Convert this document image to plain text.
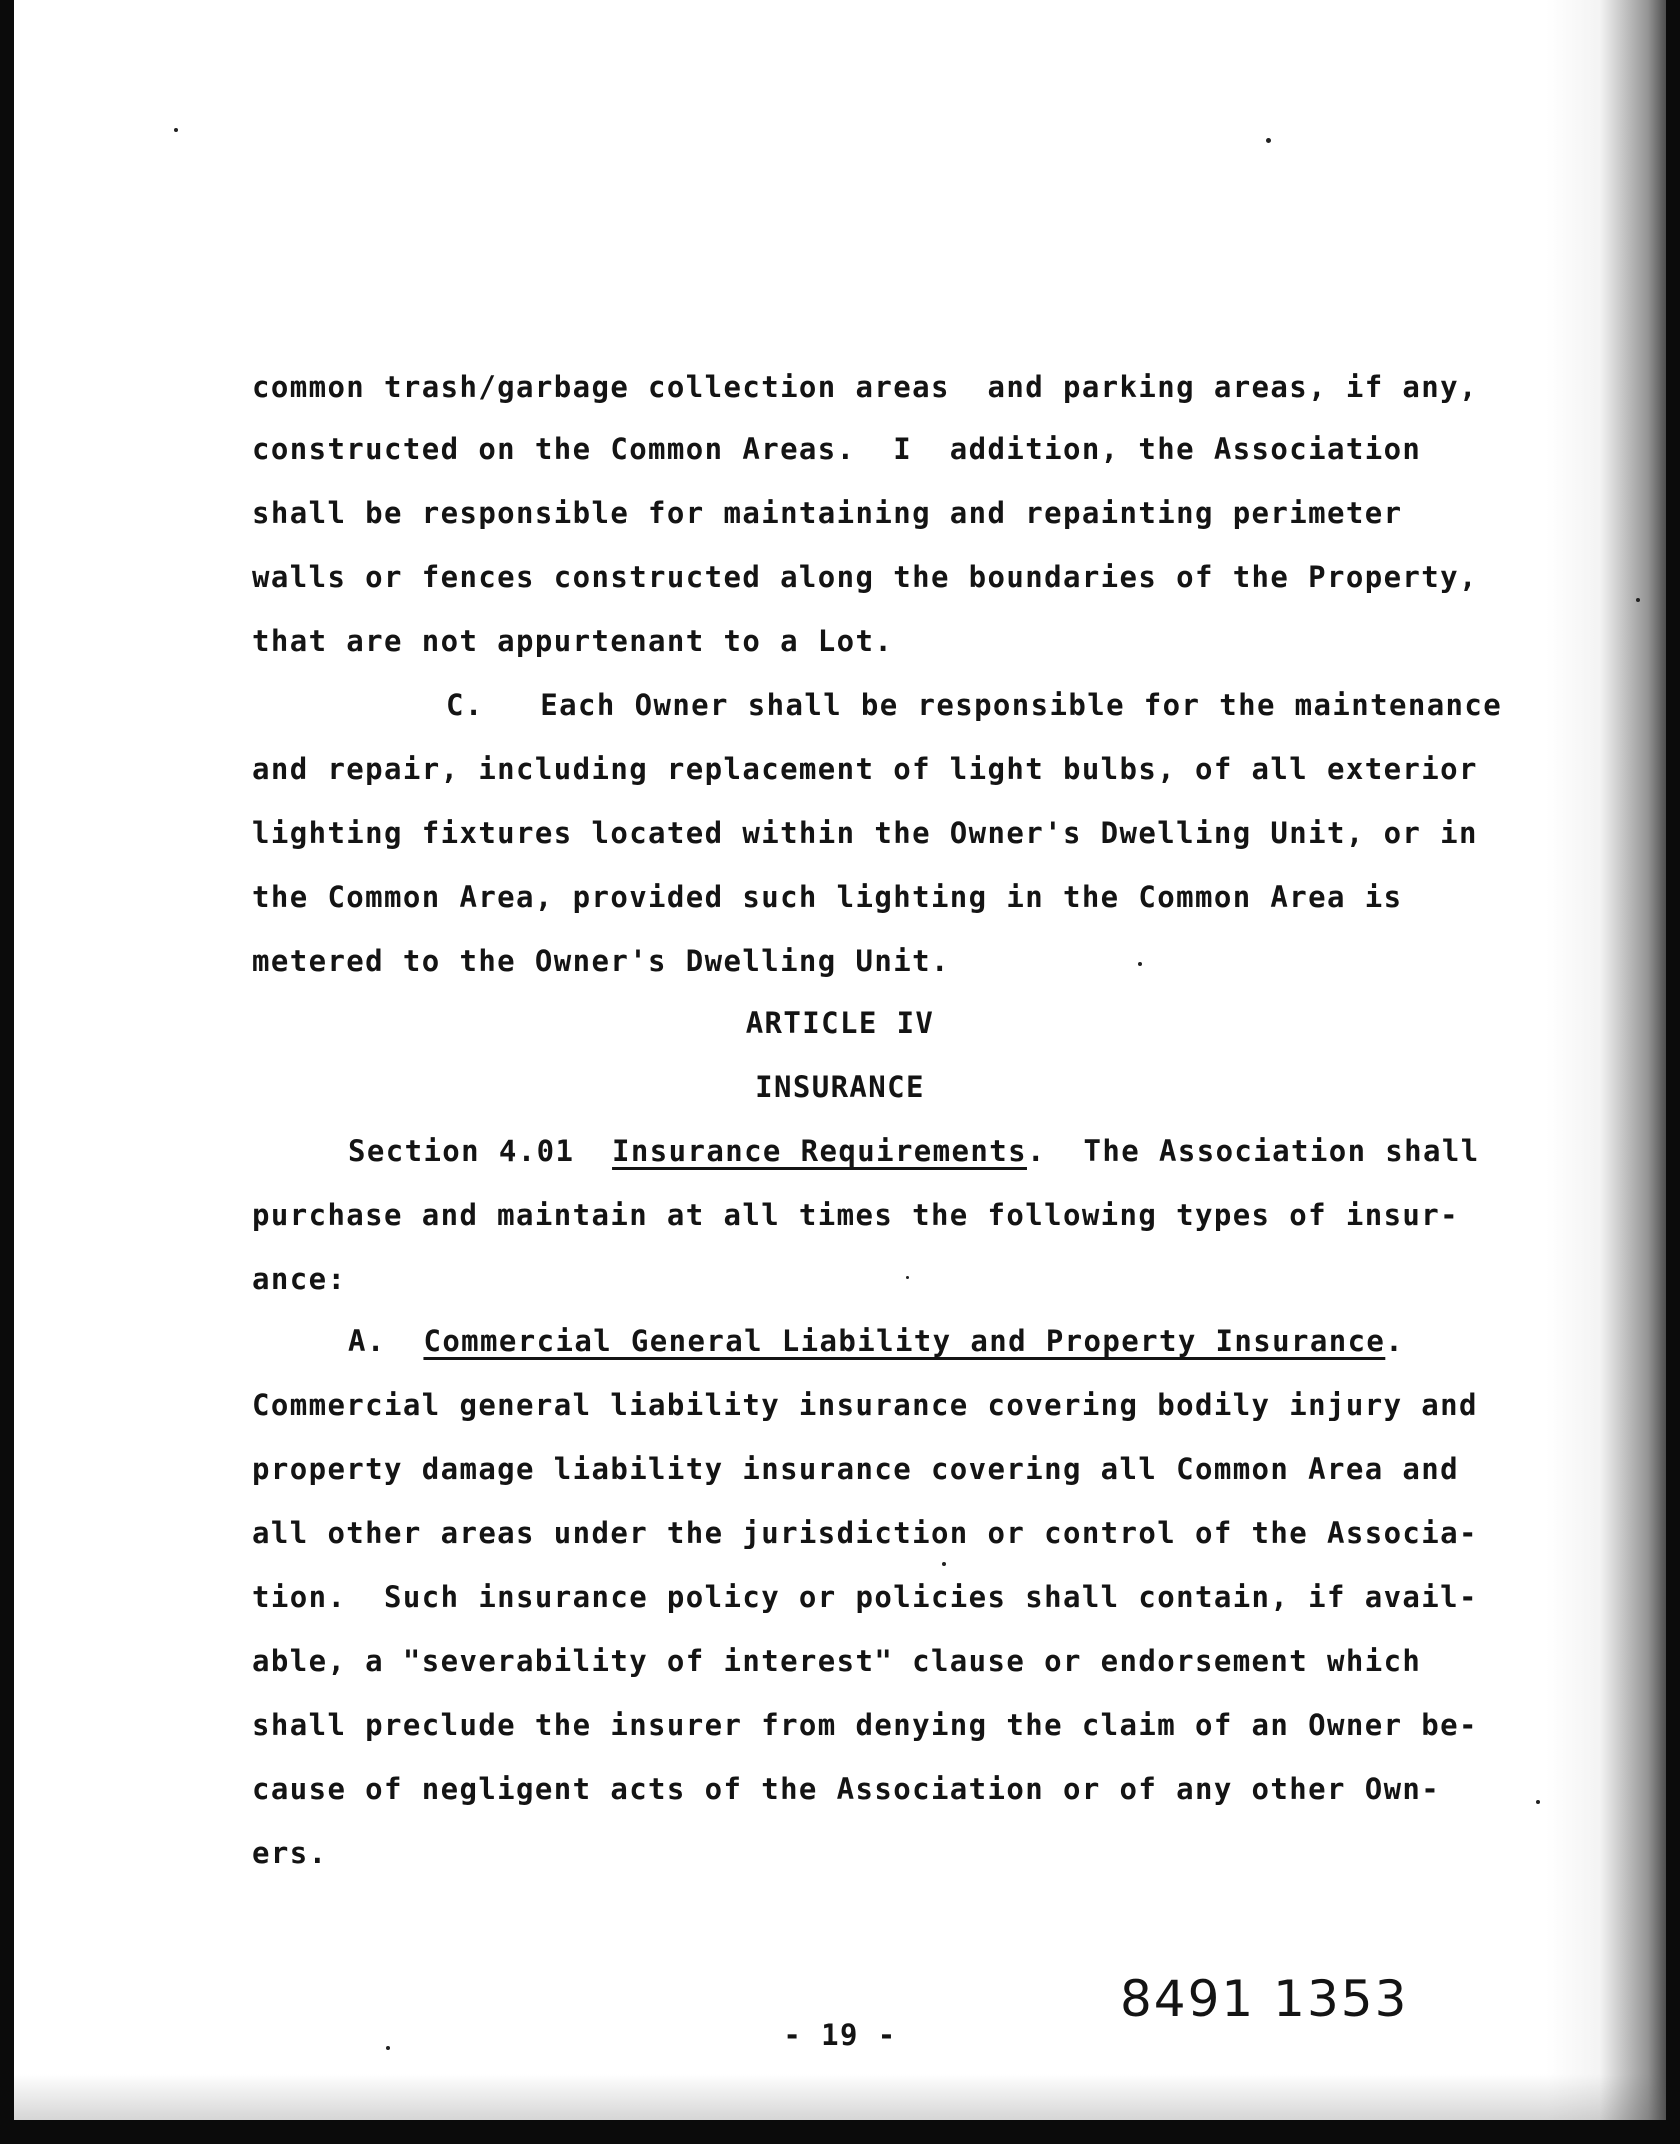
common trash/garbage collection areas  and parking areas, if any,
constructed on the Common Areas.  I  addition, the Association
shall be responsible for maintaining and repainting perimeter
walls or fences constructed along the boundaries of the Property,
that are not appurtenant to a Lot.
C.   Each Owner shall be responsible for the maintenance
and repair, including replacement of light bulbs, of all exterior
lighting fixtures located within the Owner's Dwelling Unit, or in
the Common Area, provided such lighting in the Common Area is
metered to the Owner's Dwelling Unit.
ARTICLE IV
INSURANCE
Section 4.01  Insurance Requirements.  The Association shall
purchase and maintain at all times the following types of insur-
ance:
A.  Commercial General Liability and Property Insurance.
Commercial general liability insurance covering bodily injury and
property damage liability insurance covering all Common Area and
all other areas under the jurisdiction or control of the Associa-
tion.  Such insurance policy or policies shall contain, if avail-
able, a "severability of interest" clause or endorsement which
shall preclude the insurer from denying the claim of an Owner be-
cause of negligent acts of the Association or of any other Own-
ers.
8491 1353
- 19 -
